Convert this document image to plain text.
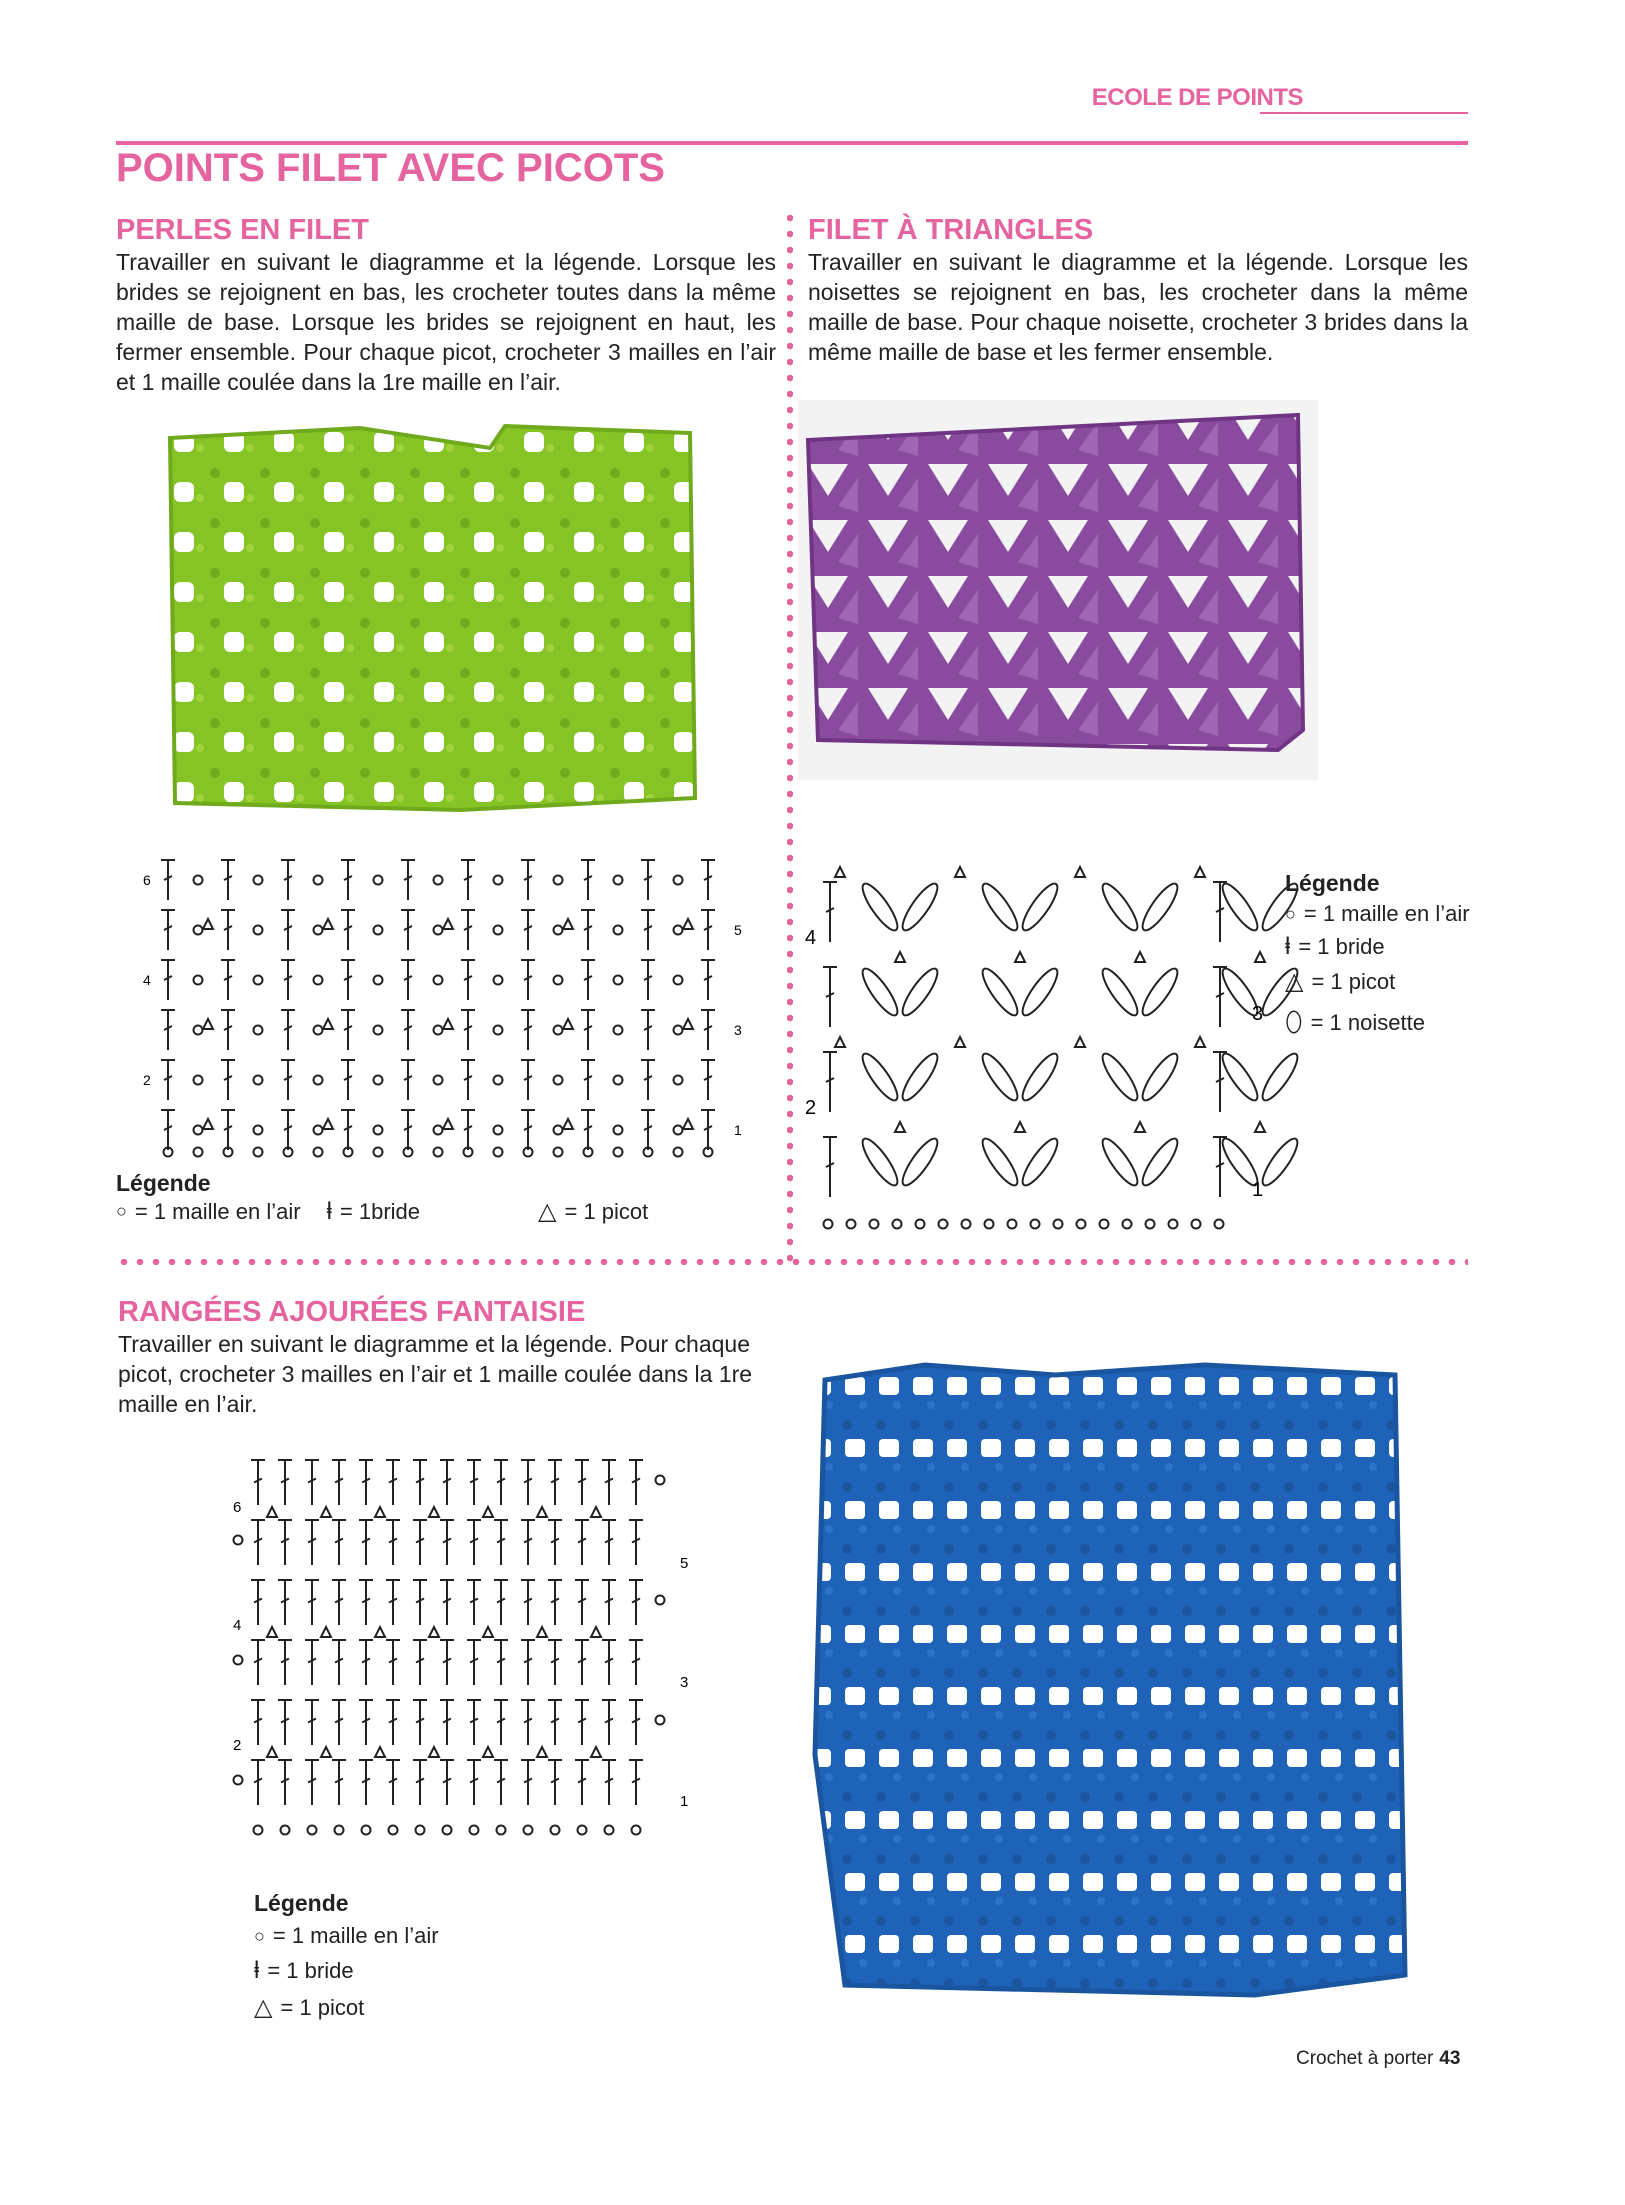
ECOLE DE POINTS
POINTS FILET AVEC PICOTS
PERLES EN FILET
Travailler en suivant le diagramme et la légende. Lorsque les brides se rejoignent en bas, les crocheter toutes dans la même maille de base. Lorsque les brides se rejoignent en haut, les fermer ensemble. Pour chaque picot, crocheter 3 mailles en l’air et 1 maille coulée dans la 1re maille en l’air.
6
5
4
3
2
1
Légende
○ = 1 maille en l’air ⱡ = 1bride	△ = 1 picot
FILET À TRIANGLES
Travailler en suivant le diagramme et la légende. Lorsque les noisettes se rejoignent en bas, les crocheter dans la même maille de base. Pour chaque noisette, crocheter 3 brides dans la même maille de base et les fermer ensemble.
4
3
2
1
Légende
○ = 1 maille en l’air
ⱡ = 1 bride
△ = 1 picot
⬯ = 1 noisette
RANGÉES AJOURÉES FANTAISIE
Travailler en suivant le diagramme et la légende. Pour chaque picot, crocheter 3 mailles en l’air et 1 maille coulée dans la 1re maille en l’air.
6
5
4
3
2
1
Légende
○ = 1 maille en l’air
ⱡ = 1 bride
△ = 1 picot
Crochet à porter 43
